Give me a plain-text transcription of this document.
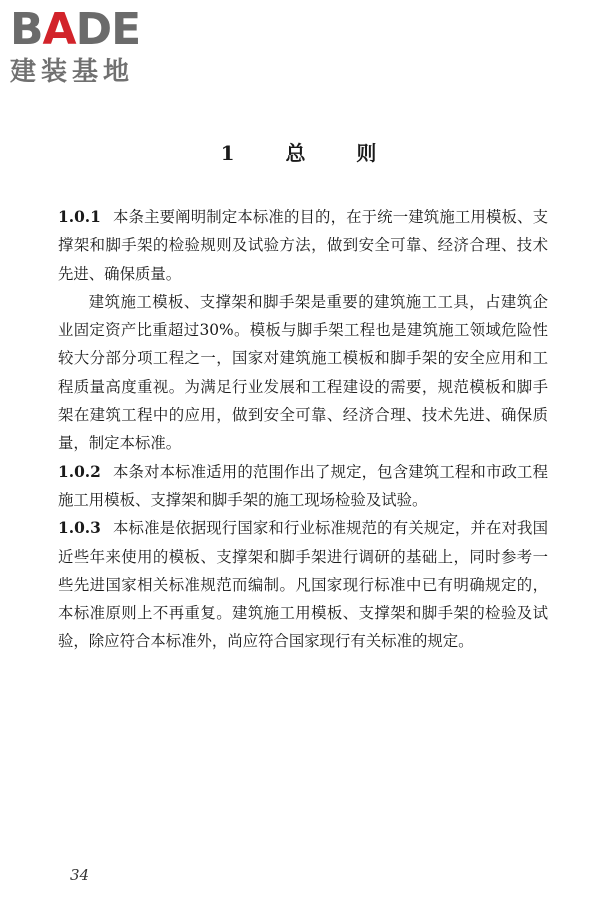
BADE
建装基地
1 总 则

1.0.1 本条主要阐明制定本标准的目的，在于统一建筑施工用模板、支撑架和脚手架的检验规则及试验方法，做到安全可靠、经济合理、技术先进、确保质量。

建筑施工模板、支撑架和脚手架是重要的建筑施工工具，占建筑企业固定资产比重超过30%。模板与脚手架工程也是建筑施工领域危险性较大分部分项工程之一，国家对建筑施工模板和脚手架的安全应用和工程质量高度重视。为满足行业发展和工程建设的需要，规范模板和脚手架在建筑工程中的应用，做到安全可靠、经济合理、技术先进、确保质量，制定本标准。

1.0.2 本条对本标准适用的范围作出了规定，包含建筑工程和市政工程施工用模板、支撑架和脚手架的施工现场检验及试验。

1.0.3 本标准是依据现行国家和行业标准规范的有关规定，并在对我国近些年来使用的模板、支撑架和脚手架进行调研的基础上，同时参考一些先进国家相关标准规范而编制。凡国家现行标准中已有明确规定的，本标准原则上不再重复。建筑施工用模板、支撑架和脚手架的检验及试验，除应符合本标准外，尚应符合国家现行有关标准的规定。

34
